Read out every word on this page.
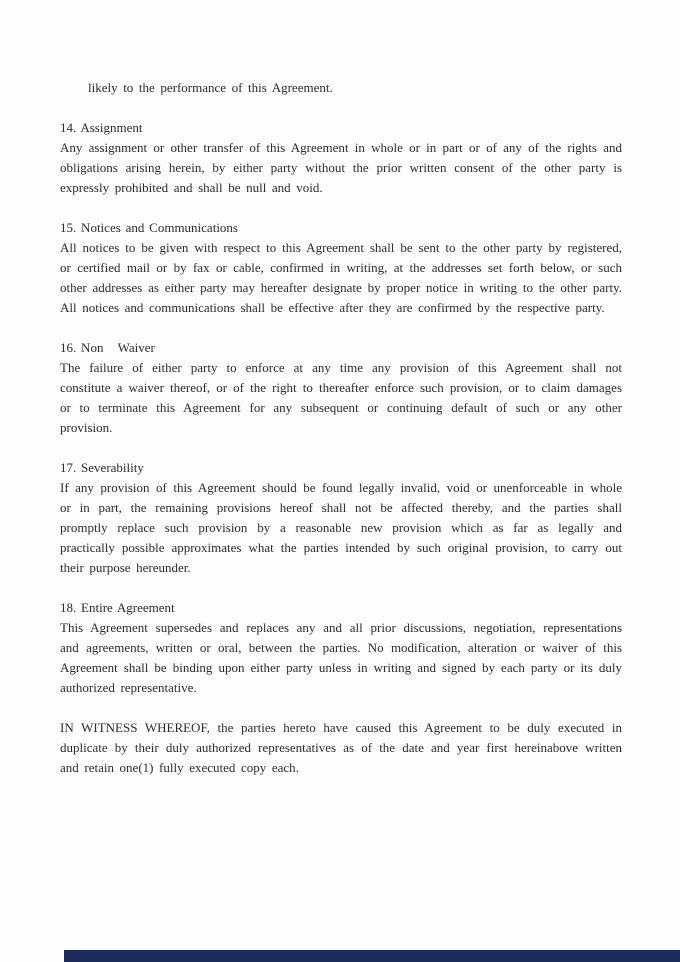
likely to the performance of this Agreement.

14. Assignment

Any assignment or other transfer of this Agreement in whole or in part or of any of the rights and obligations arising herein, by either party without the prior written consent of the other party is expressly prohibited and shall be null and void.

15. Notices and Communications

All notices to be given with respect to this Agreement shall be sent to the other party by registered, or certified mail or by fax or cable, confirmed in writing, at the addresses set forth below, or such other addresses as either party may hereafter designate by proper notice in writing to the other party. All notices and communications shall be effective after they are confirmed by the respective party.

16. Non   Waiver

The failure of either party to enforce at any time any provision of this Agreement shall not constitute a waiver thereof, or of the right to thereafter enforce such provision, or to claim damages or to terminate this Agreement for any subsequent or continuing default of such or any other provision.

17. Severability

If any provision of this Agreement should be found legally invalid, void or unenforceable in whole or in part, the remaining provisions hereof shall not be affected thereby, and the parties shall promptly replace such provision by a reasonable new provision which as far as legally and practically possible approximates what the parties intended by such original provision, to carry out their purpose hereunder.

18. Entire Agreement

This Agreement supersedes and replaces any and all prior discussions, negotiation, representations and agreements, written or oral, between the parties. No modification, alteration or waiver of this Agreement shall be binding upon either party unless in writing and signed by each party or its duly authorized representative.

IN WITNESS WHEREOF, the parties hereto have caused this Agreement to be duly executed in duplicate by their duly authorized representatives as of the date and year first hereinabove written and retain one(1) fully executed copy each.
